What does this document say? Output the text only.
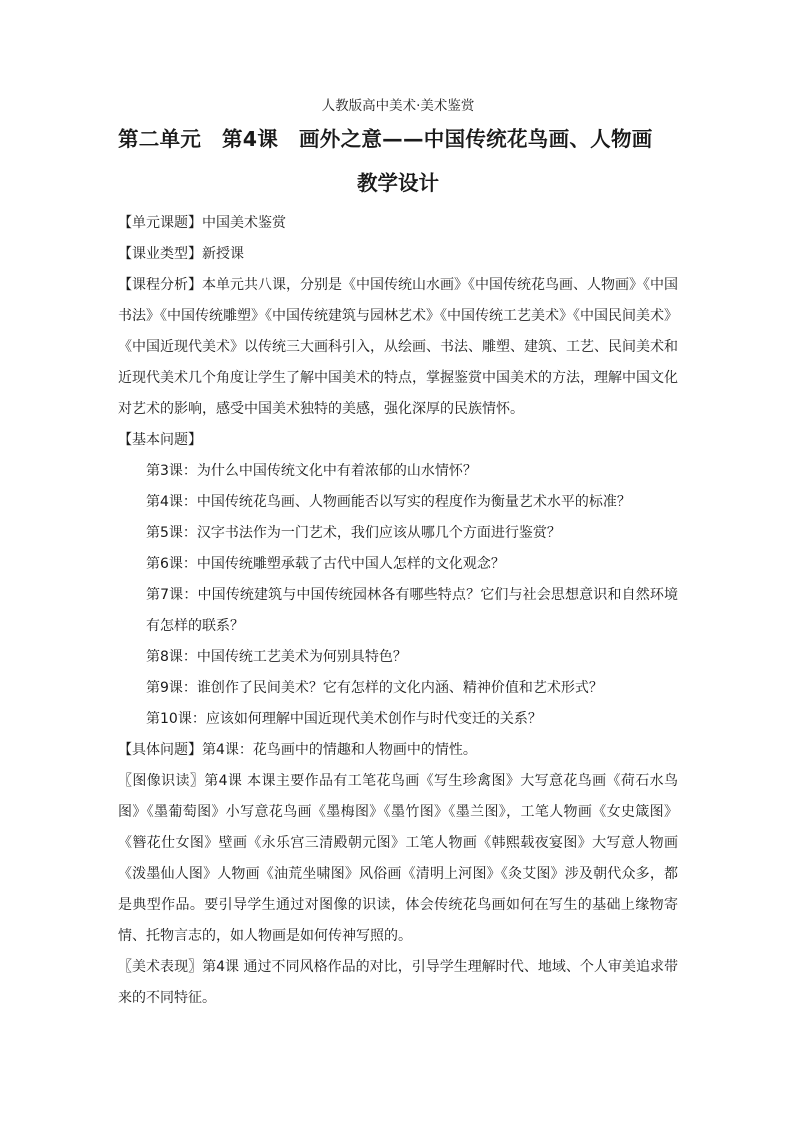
人教版高中美术·美术鉴赏
第二单元　第4课　画外之意——中国传统花鸟画、人物画
教学设计

【单元课题】中国美术鉴赏

【课业类型】新授课

【课程分析】本单元共八课，分别是《中国传统山水画》《中国传统花鸟画、人物画》《中国书法》《中国传统雕塑》《中国传统建筑与园林艺术》《中国传统工艺美术》《中国民间美术》《中国近现代美术》以传统三大画科引入，从绘画、书法、雕塑、建筑、工艺、民间美术和近现代美术几个角度让学生了解中国美术的特点，掌握鉴赏中国美术的方法，理解中国文化对艺术的影响，感受中国美术独特的美感，强化深厚的民族情怀。

【基本问题】

第3课：为什么中国传统文化中有着浓郁的山水情怀？

第4课：中国传统花鸟画、人物画能否以写实的程度作为衡量艺术水平的标准？

第5课：汉字书法作为一门艺术，我们应该从哪几个方面进行鉴赏？

第6课：中国传统雕塑承载了古代中国人怎样的文化观念？

第7课：中国传统建筑与中国传统园林各有哪些特点？它们与社会思想意识和自然环境有怎样的联系？

第8课：中国传统工艺美术为何别具特色？

第9课：谁创作了民间美术？它有怎样的文化内涵、精神价值和艺术形式？

第10课：应该如何理解中国近现代美术创作与时代变迁的关系？

【具体问题】第4课：花鸟画中的情趣和人物画中的情性。

〖图像识读〗第4课 本课主要作品有工笔花鸟画《写生珍禽图》大写意花鸟画《荷石水鸟图》《墨葡萄图》小写意花鸟画《墨梅图》《墨竹图》《墨兰图》，工笔人物画《女史箴图》《簪花仕女图》壁画《永乐宫三清殿朝元图》工笔人物画《韩熙载夜宴图》大写意人物画《泼墨仙人图》人物画《油荒坐啸图》风俗画《清明上河图》《灸艾图》涉及朝代众多，都是典型作品。要引导学生通过对图像的识读，体会传统花鸟画如何在写生的基础上缘物寄情、托物言志的，如人物画是如何传神写照的。

〖美术表现〗第4课 通过不同风格作品的对比，引导学生理解时代、地域、个人审美追求带来的不同特征。
